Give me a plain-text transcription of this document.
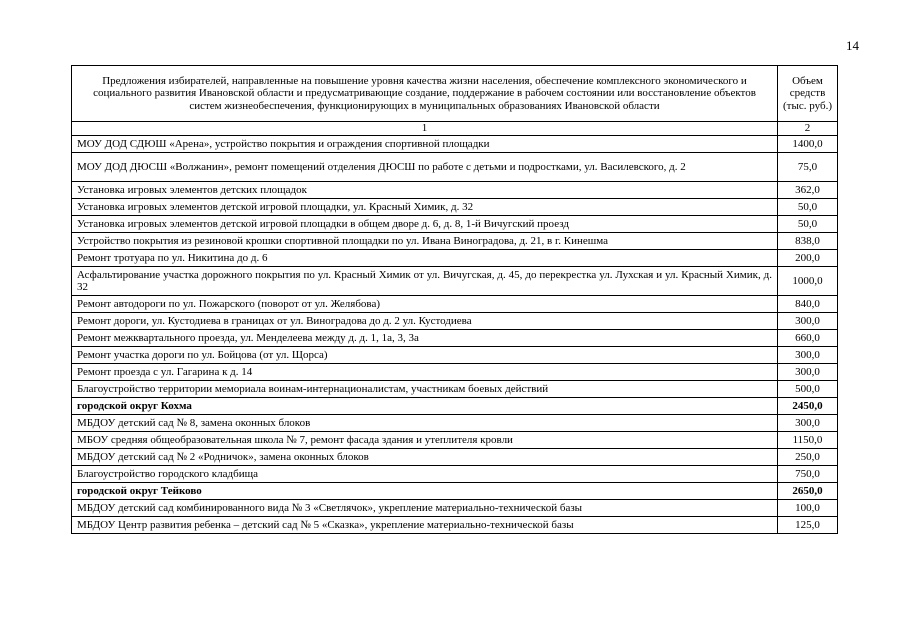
14
Предложения избирателей, направленные на повышение уровня качества жизни населения, обеспечение комплексного экономического и социального развития Ивановской области и предусматривающие создание, поддержание в рабочем состоянии или восстановление объектов систем жизнеобеспечения, функционирующих в муниципальных образованиях Ивановской области	Объем средств (тыс. руб.)
1	2
МОУ ДОД СДЮШ «Арена», устройство покрытия и ограждения спортивной площадки	1400,0
МОУ ДОД ДЮСШ «Волжанин», ремонт помещений отделения ДЮСШ по работе с детьми и подростками, ул. Василевского, д. 2	75,0
Установка игровых элементов детских площадок	362,0
Установка игровых элементов детской игровой площадки, ул. Красный Химик, д. 32	50,0
Установка игровых элементов детской игровой площадки в общем дворе д. 6, д. 8, 1-й Вичугский проезд	50,0
Устройство покрытия из резиновой крошки спортивной площадки по ул. Ивана Виноградова, д. 21, в г. Кинешма	838,0
Ремонт тротуара по ул. Никитина до д. 6	200,0
Асфальтирование участка дорожного покрытия по ул. Красный Химик от ул. Вичугская, д. 45, до перекрестка ул. Лухская и ул. Красный Химик, д. 32	1000,0
Ремонт автодороги по ул. Пожарского (поворот от ул. Желябова)	840,0
Ремонт дороги, ул. Кустодиева в границах от ул. Виноградова до д. 2 ул. Кустодиева	300,0
Ремонт межквартального проезда, ул. Менделеева между д. д. 1, 1а, 3, 3а	660,0
Ремонт участка дороги по ул. Бойцова (от ул. Щорса)	300,0
Ремонт проезда с ул. Гагарина к д. 14	300,0
Благоустройство территории мемориала воинам-интернационалистам, участникам боевых действий	500,0
городской округ Кохма	2450,0
МБДОУ детский сад № 8, замена оконных блоков	300,0
МБОУ средняя общеобразовательная школа № 7, ремонт фасада здания и утеплителя кровли	1150,0
МБДОУ детский сад № 2 «Родничок», замена оконных блоков	250,0
Благоустройство городского кладбища	750,0
городской округ Тейково	2650,0
МБДОУ детский сад комбинированного вида № 3 «Светлячок», укрепление материально-технической базы	100,0
МБДОУ Центр развития ребенка – детский сад № 5 «Сказка», укрепление материально-технической базы	125,0
